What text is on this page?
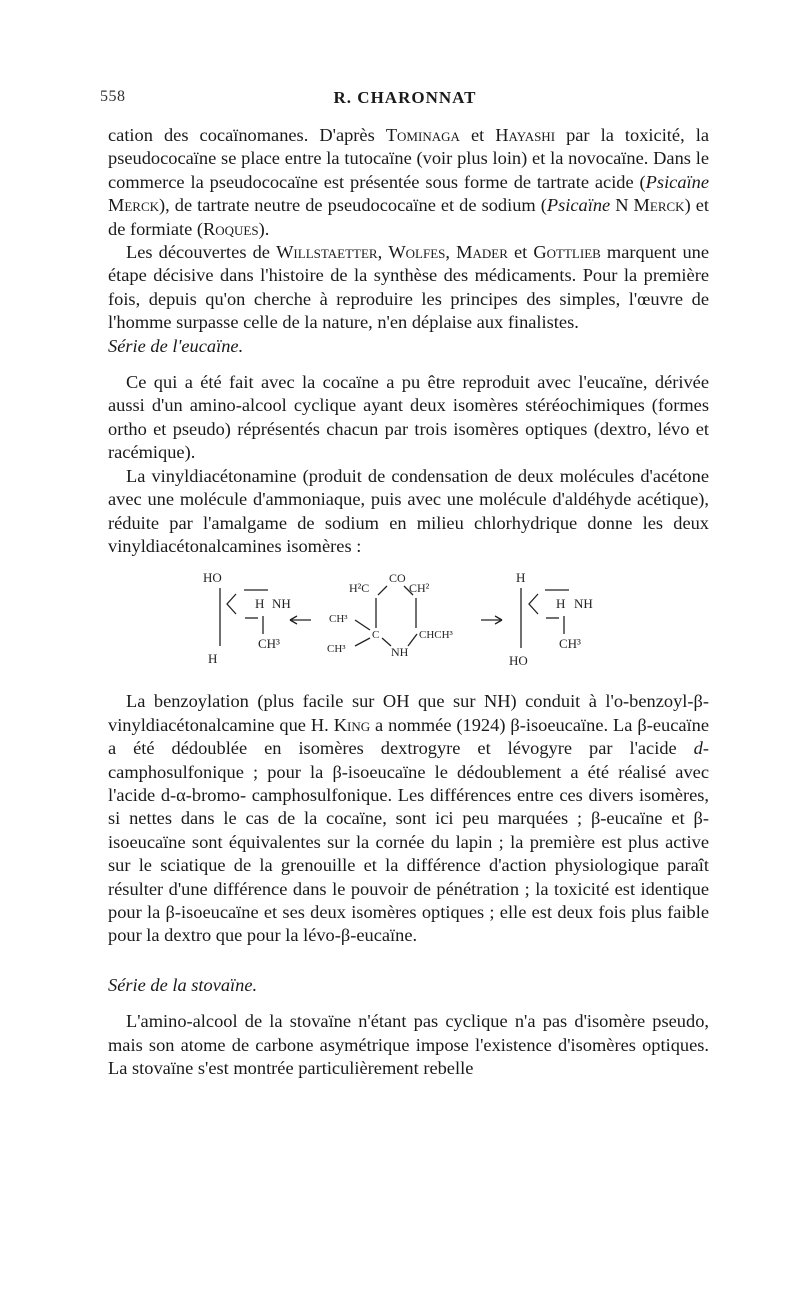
558	R. CHARONNAT

cation des cocaïnomanes. D'après Tominaga et Hayashi par la toxicité, la pseudococaïne se place entre la tutocaïne (voir plus loin) et la novocaïne. Dans le commerce la pseudococaïne est présentée sous forme de tartrate acide (Psicaïne Merck), de tartrate neutre de pseudococaïne et de sodium (Psicaïne N Merck) et de formiate (Roques).

Les découvertes de Willstaetter, Wolfes, Mader et Gottlieb marquent une étape décisive dans l'histoire de la synthèse des médicaments. Pour la première fois, depuis qu'on cherche à reproduire les principes des simples, l'œuvre de l'homme surpasse celle de la nature, n'en déplaise aux finalistes.

Série de l'eucaïne.

Ce qui a été fait avec la cocaïne a pu être reproduit avec l'eucaïne, dérivée aussi d'un amino-alcool cyclique ayant deux isomères stéréochimiques (formes ortho et pseudo) réprésentés chacun par trois isomères optiques (dextro, lévo et racémique).

La vinyldiacétonamine (produit de condensation de deux molécules d'acétone avec une molécule d'ammoniaque, puis avec une molécule d'aldéhyde acétique), réduite par l'amalgame de sodium en milieu chlorhydrique donne les deux vinyldiacétonalcamines isomères :

HO
H
H NH
CH³
CO
H²C	CH²
CH³
C
CH³
CHCH³
NH
H
HO
H NH
CH³

La benzoylation (plus facile sur OH que sur NH) conduit à l'o-benzoyl-β-vinyldiacétonalcamine que H. King a nommée (1924) β-isoeucaïne. La β-eucaïne a été dédoublée en isomères dextrogyre et lévogyre par l'acide d-camphosulfonique ; pour la β-isoeucaïne le dédoublement a été réalisé avec l'acide d-α-bromo- camphosulfonique. Les différences entre ces divers isomères, si nettes dans le cas de la cocaïne, sont ici peu marquées ; β-eucaïne et β-isoeucaïne sont équivalentes sur la cornée du lapin ; la première est plus active sur le sciatique de la grenouille et la différence d'action physiologique paraît résulter d'une différence dans le pouvoir de pénétration ; la toxicité est identique pour la β-isoeucaïne et ses deux isomères optiques ; elle est deux fois plus faible pour la dextro que pour la lévo-β-eucaïne.

Série de la stovaïne.

L'amino-alcool de la stovaïne n'étant pas cyclique n'a pas d'isomère pseudo, mais son atome de carbone asymétrique impose l'existence d'isomères optiques. La stovaïne s'est montrée particulièrement rebelle
